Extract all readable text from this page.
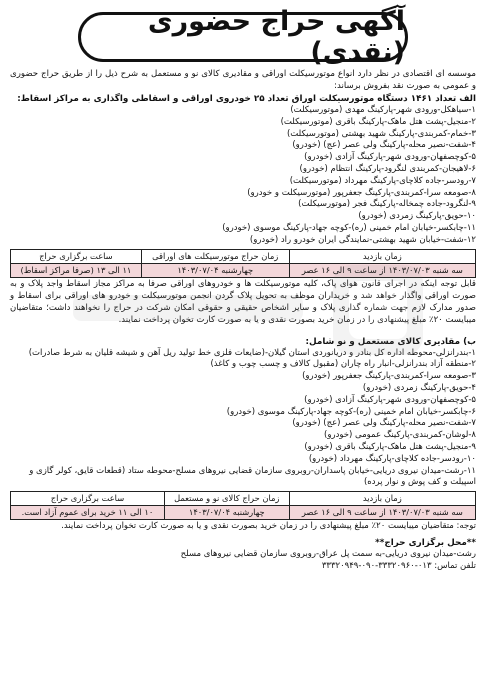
آگهی حراج حضوری (نقدی)
موسسه ای اقتصادی در نظر دارد انواع موتورسیکلت اوراقی و مقادیری کالای نو و مستعمل به شرح ذیل را از طریق حراج حضوری و عمومی به صورت نقد بفروش برساند:
الف تعداد ۱۴۶۱ دستگاه موتورسیکلت اوراق تعداد ۲۵ خودروی اوراقی و اسقاطی واگذاری به مراکز اسقاط:
۱-سیاهکل-ورودی شهر-پارکینگ مهدی (موتورسیکلت)
۲-منجیل-پشت هتل ماهک-پارکینگ باقری (موتورسیکلت)
۳-خمام-کمربندی-پارکینگ شهید بهشتی (موتورسیکلت)
۴-شفت-نصیر محله-پارکینگ ولی عصر (عج) (خودرو)
۵-کوچصفهان-ورودی شهر-پارکینگ آزادی (خودرو)
۶-لاهیجان-کمربندی لنگرود-پارکینگ انتظام (خودرو)
۷-رودسر-جاده کلاچای-پارکینگ مهرداد (موتورسیکلت)
۸-صومعه سرا-کمربندی-پارکینگ جعفرپور (موتورسیکلت و خودرو)
۹-لنگرود-جاده چمخاله-پارکینگ فجر (موتورسیکلت)
۱۰-حویق-پارکینگ زمردی (خودرو)
۱۱-چابکسر-خیابان امام خمینی (ره)-کوچه جهاد-پارکینگ موسوی (خودرو)
۱۲-شفت-خیابان شهید بهشتی-نمایندگی ایران خودرو راد (خودرو)
زمان بازدید	زمان حراج موتورسیکلت های اوراقی	ساعت برگزاری حراج
سه شنبه ۱۴۰۳/۰۷/۰۳ از ساعت ۹ الی ۱۶ عصر	چهارشنبه ۱۴۰۳/۰۷/۰۴	۱۱ الی ۱۳ (صرفا مراکز اسقاط)
قابل توجه اینکه در اجرای قانون هوای پاک، کلیه موتورسیکلت ها و خودروهای اوراقی صرفا به مراکز مجاز اسقاط واجد پلاک و به صورت اوراقی واگذار خواهد شد و خریداران موظف به تحویل پلاک گردن انجمن موتورسیکلت و خودرو های اوراقی برای اسقاط و صدور مدارک لازم جهت شماره گذاری پلاک و سایر اشخاص حقیقی و حقوقی امکان شرکت در حراج را نخواهند داشت؛ متقاضیان میبایست ۲۰٪ مبلغ پیشنهادی را در زمان خرید بصورت نقدی و یا به صورت کارت تخوان پرداخت نمایند.
ب) مقادیری کالای مستعمل و نو شامل:
۱-بندرانزلی-محوطه اداره کل بنادر و دریانوردی استان گیلان-(ضایعات فلزی خط تولید ریل آهن و شیشه قلیان به شرط صادرات)
۲-منطقه آزاد بندرانزلی-انبار راه چاران (مقبول کالاف و چسب چوب و کاغذ)
۳-صومعه سرا-کمربندی-پارکینگ جعفرپور (خودرو)
۴-حویق-پارکینگ زمردی (خودرو)
۵-کوچصفهان-ورودی شهر-پارکینگ آزادی (خودرو)
۶-چابکسر-خیابان امام خمینی (ره)-کوچه جهاد-پارکینگ موسوی (خودرو)
۷-شفت-نصیر محله-پارکینگ ولی عصر (عج) (خودرو)
۸-لوشان-کمربندی-پارکینگ عمومی (خودرو)
۹-منجیل-پشت هتل ماهک-پارکینگ باقری (خودرو)
۱۰-رودسر-جاده کلاچای-پارکینگ مهرداد (خودرو)
۱۱-رشت-میدان نیروی دریایی-خیابان پاسداران-روبروی سازمان قضایی نیروهای مسلح-محوطه ستاد (قطعات قایق، کولر گازی و اسپیلت و کف پوش و نوار پرده)
زمان بازدید	زمان حراج کالای نو و مستعمل	ساعت برگزاری حراج
سه شنبه ۱۴۰۳/۰۷/۰۳ از ساعت ۹ الی ۱۶ عصر	چهارشنبه ۱۴۰۳/۰۷/۰۴	۱۰ الی ۱۱ خرید برای عموم آزاد است.
توجه: متقاضیان میبایست ۲۰٪ مبلغ پیشنهادی را در زمان خرید بصورت نقدی و یا به صورت کارت تخوان پرداخت نمایند.
**محل برگزاری حراج**
رشت-میدان نیروی دریایی-به سمت پل عراق-روبروی سازمان قضایی نیروهای مسلح
تلفن تماس: ۰۱۳-۳۳۳۲۰۹۶۰-۰۹۰-۳۳۳۲۰۹۴۹
